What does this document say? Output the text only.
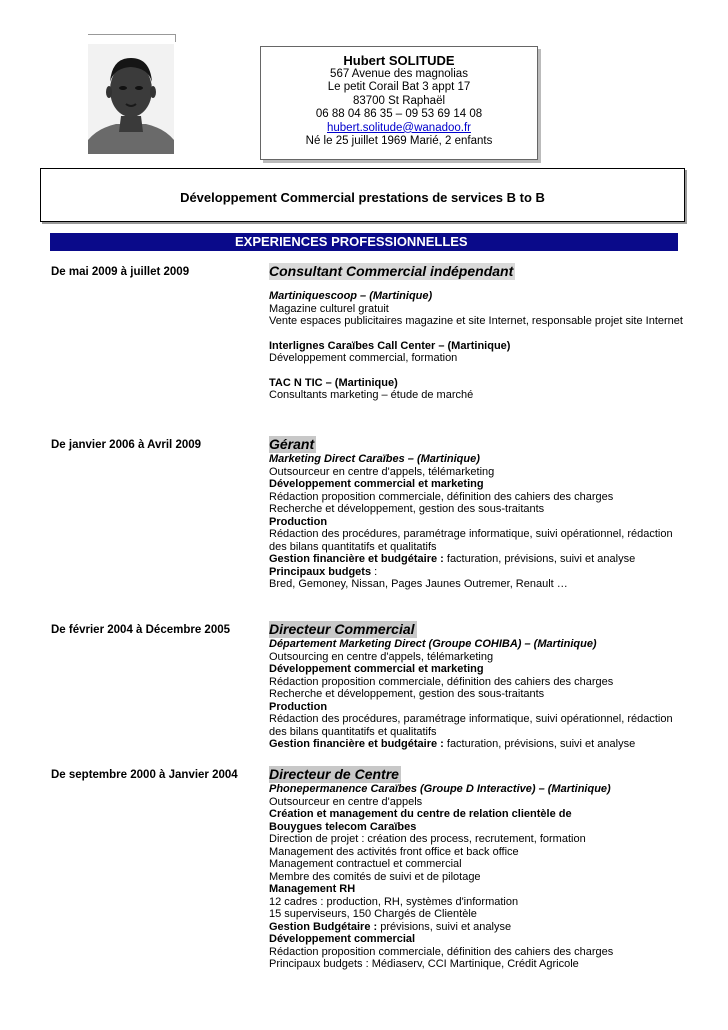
Hubert SOLITUDE
567 Avenue des magnolias
Le petit Corail Bat 3 appt 17
83700 St Raphaël
06 88 04 86 35 – 09 53 69 14 08
hubert.solitude@wanadoo.fr
Né le 25 juillet 1969 Marié, 2 enfants
Développement Commercial prestations de services B to B
EXPERIENCES PROFESSIONNELLES
De mai 2009 à juillet 2009	Consultant Commercial indépendant
Martiniquescoop – (Martinique)
Magazine culturel gratuit
Vente espaces publicitaires magazine et site Internet, responsable projet site Internet
Interlignes Caraïbes Call Center – (Martinique)
Développement commercial, formation
TAC N TIC – (Martinique)
Consultants marketing – étude de marché
De janvier 2006 à Avril 2009	Gérant
Marketing Direct Caraïbes – (Martinique)
Outsourceur en centre d'appels, télémarketing
Développement commercial et marketing
Rédaction proposition commerciale, définition des cahiers des charges
Recherche et développement, gestion des sous-traitants
Production
Rédaction des procédures, paramétrage informatique, suivi opérationnel, rédaction des bilans quantitatifs et qualitatifs
Gestion financière et budgétaire : facturation, prévisions, suivi et analyse
Principaux budgets :
Bred, Gemoney, Nissan, Pages Jaunes Outremer, Renault …
De février 2004 à Décembre 2005	Directeur Commercial
Département Marketing Direct (Groupe COHIBA) – (Martinique)
Outsourcing en centre d'appels, télémarketing
Développement commercial et marketing
Rédaction proposition commerciale, définition des cahiers des charges
Recherche et développement, gestion des sous-traitants
Production
Rédaction des procédures, paramétrage informatique, suivi opérationnel, rédaction des bilans quantitatifs et qualitatifs
Gestion financière et budgétaire : facturation, prévisions, suivi et analyse
De septembre 2000 à Janvier 2004 Directeur de Centre
Phonepermanence Caraïbes (Groupe D Interactive) – (Martinique)
Outsourceur en centre d'appels
Création et management du centre de relation clientèle de Bouygues telecom Caraïbes
Direction de projet : création des process, recrutement, formation
Management des activités front office et back office
Management contractuel et commercial
Membre des comités de suivi et de pilotage
Management RH
12 cadres : production, RH, systèmes d'information
15 superviseurs, 150 Chargés de Clientèle
Gestion Budgétaire : prévisions, suivi et analyse
Développement commercial
Rédaction proposition commerciale, définition des cahiers des charges
Principaux budgets : Médiaserv, CCI Martinique, Crédit Agricole
